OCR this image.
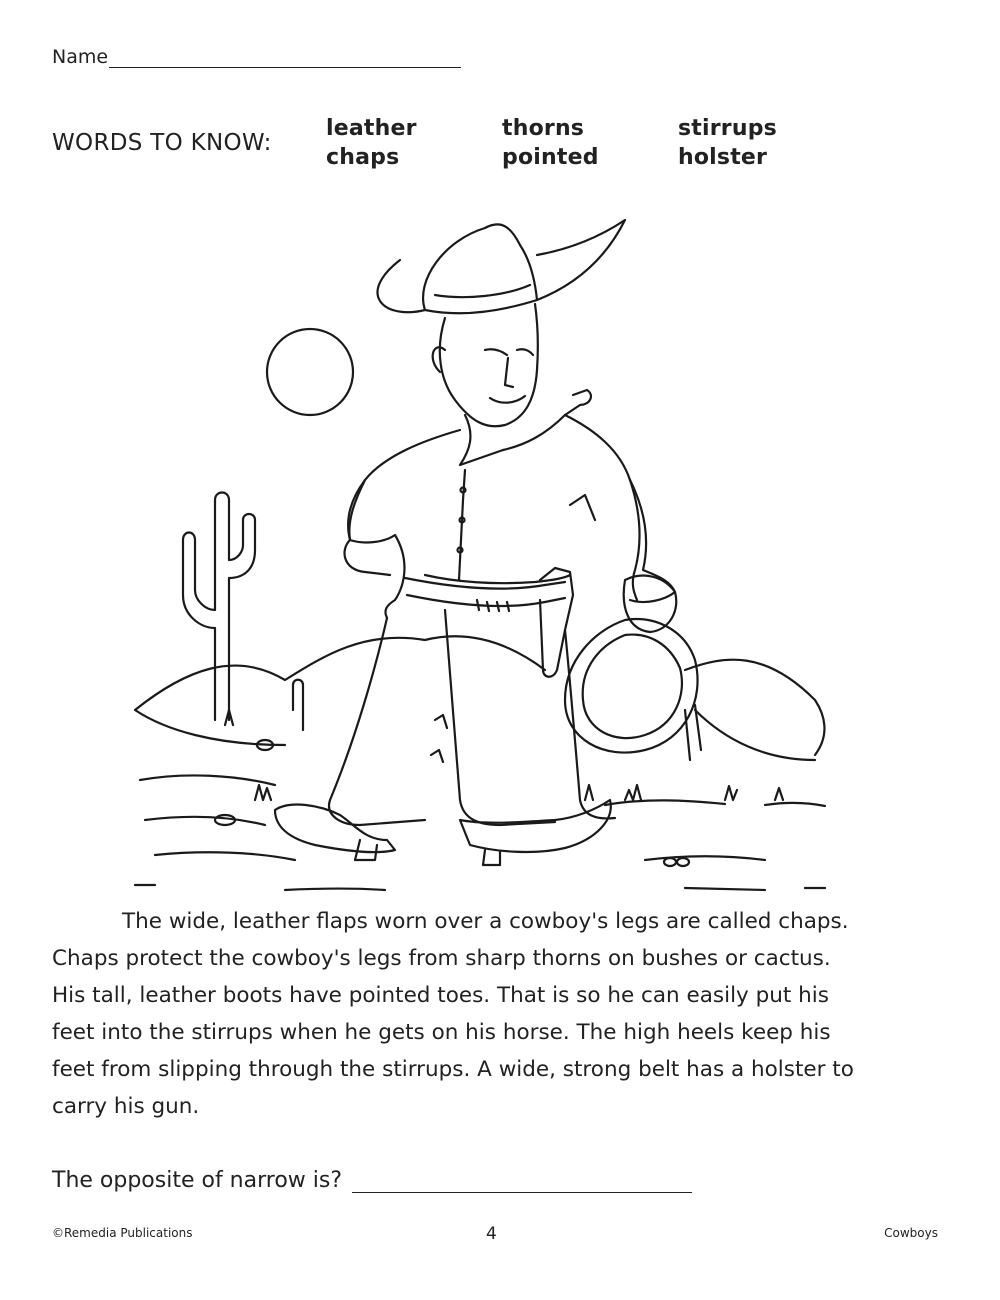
Name
WORDS TO KNOW:
leather
chaps
thorns
pointed
stirrups
holster

The wide, leather flaps worn over a cowboy's legs are called chaps.
Chaps protect the cowboy's legs from sharp thorns on bushes or cactus.
His tall, leather boots have pointed toes. That is so he can easily put his
feet into the stirrups when he gets on his horse. The high heels keep his
feet from slipping through the stirrups. A wide, strong belt has a holster to
carry his gun.

The opposite of narrow is?
©Remedia Publications	4	Cowboys
